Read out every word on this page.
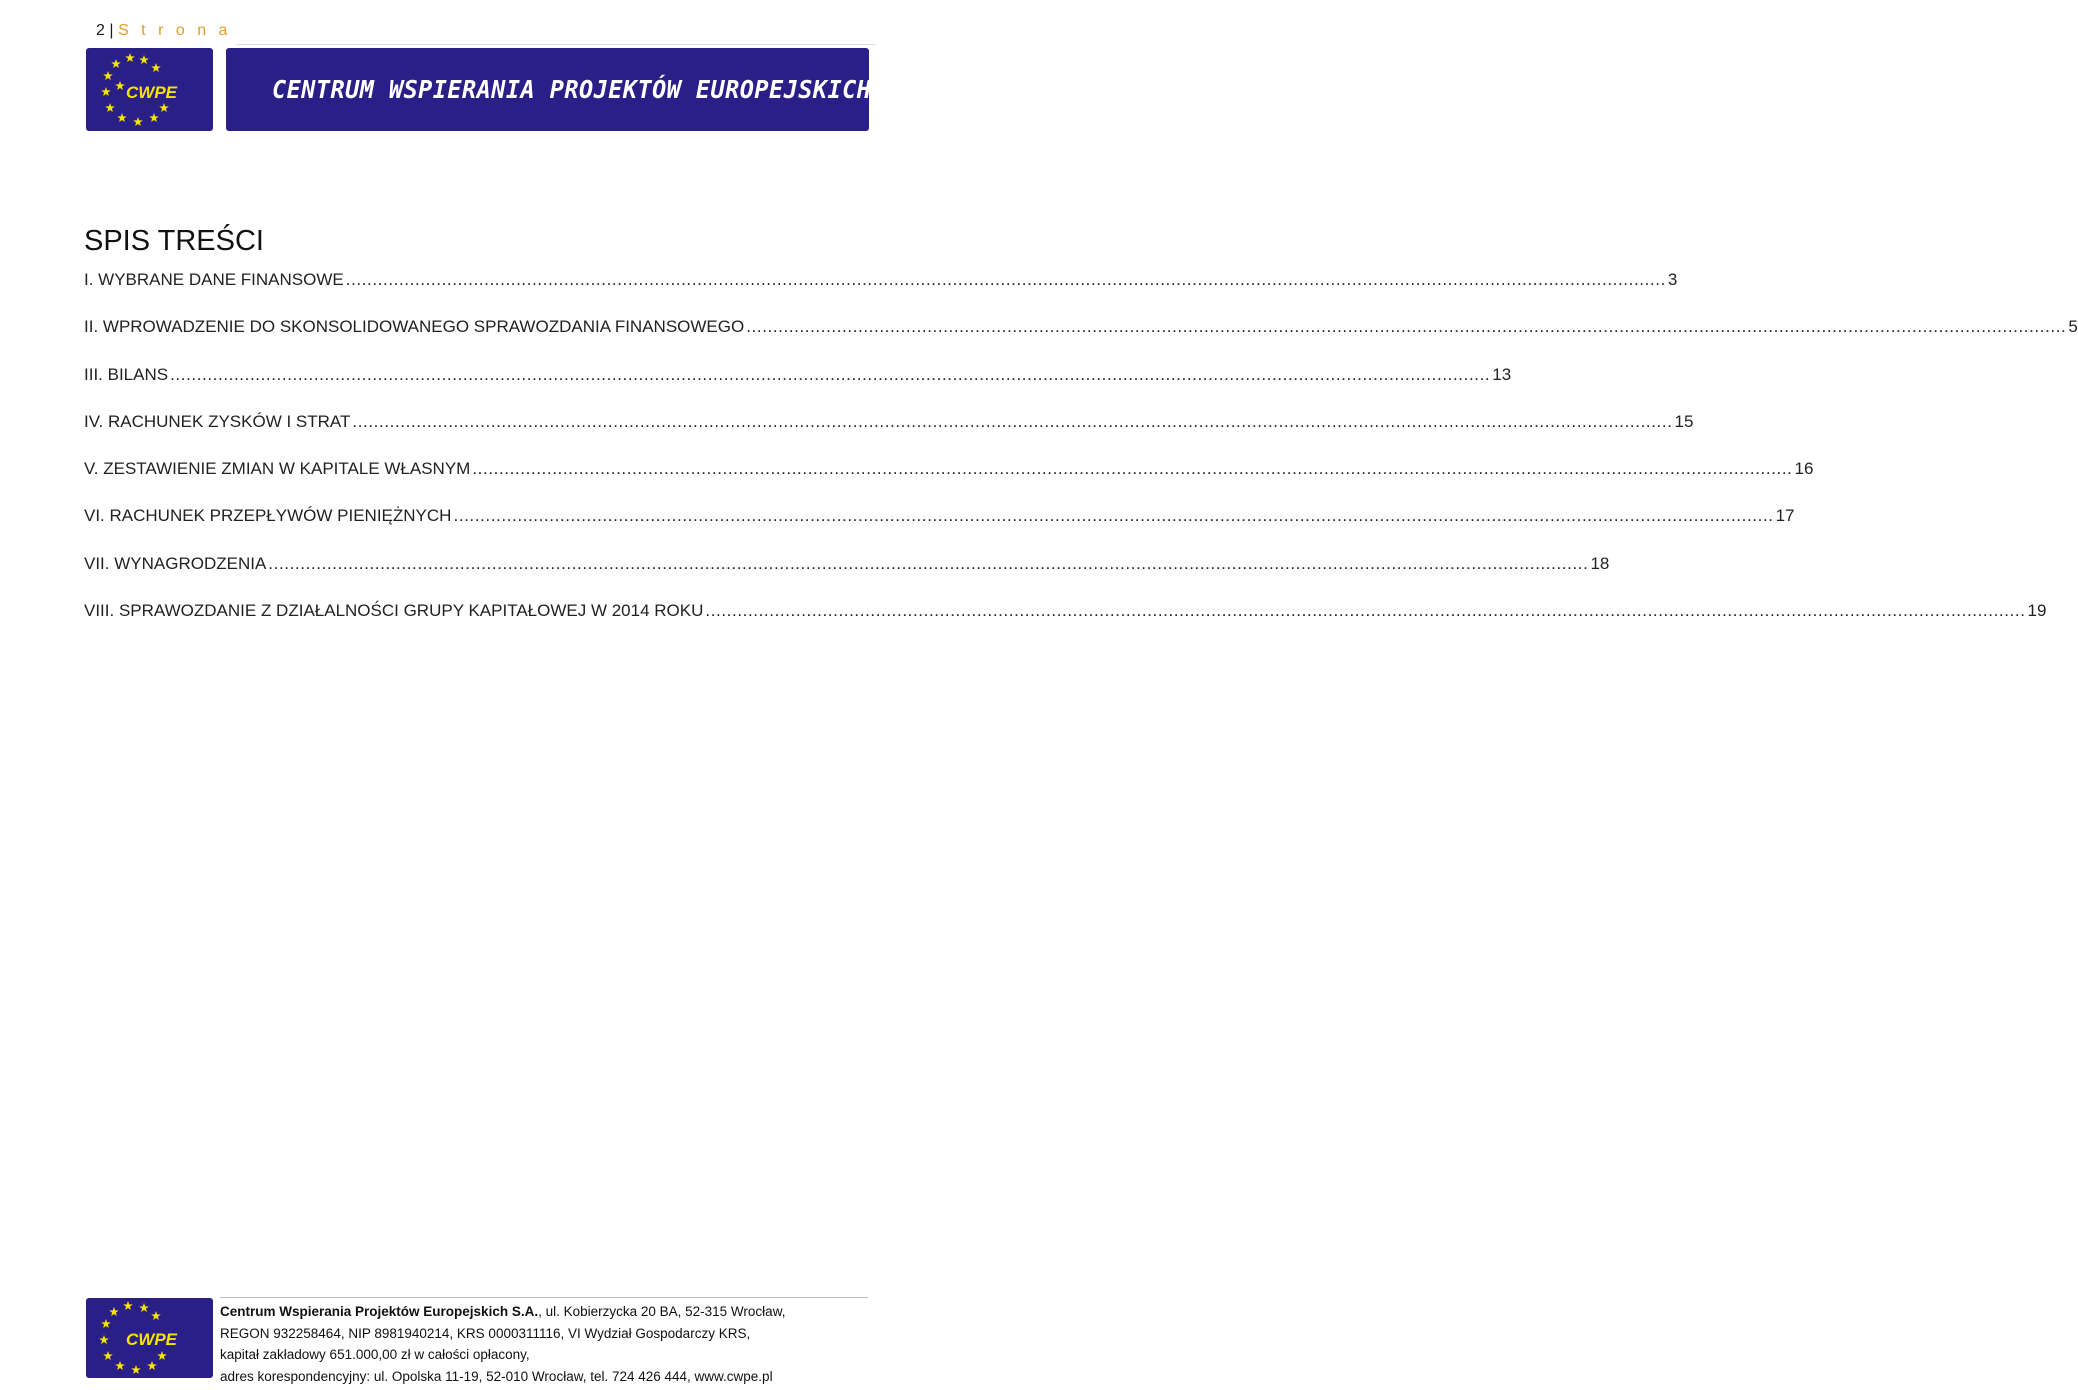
2 | S t r o n a
CWPE	CENTRUM WSPIERANIA PROJEKTÓW EUROPEJSKICH S.A.
SPIS TREŚCI
I. WYBRANE DANE FINANSOWE .....	3
II. WPROWADZENIE DO SKONSOLIDOWANEGO SPRAWOZDANIA FINANSOWEGO .....	5
III. BILANS .....	13
IV. RACHUNEK ZYSKÓW I STRAT .....	15
V. ZESTAWIENIE ZMIAN W KAPITALE WŁASNYM .....	16
VI. RACHUNEK PRZEPŁYWÓW PIENIĘŻNYCH .....	17
VII. WYNAGRODZENIA .....	18
VIII. SPRAWOZDANIE Z DZIAŁALNOŚCI GRUPY KAPITAŁOWEJ W 2014 ROKU .....	19
CWPE
Centrum Wspierania Projektów Europejskich S.A., ul. Kobierzycka 20 BA, 52-315 Wrocław,
REGON 932258464, NIP 8981940214, KRS 0000311116, VI Wydział Gospodarczy KRS,
kapitał zakładowy 651.000,00 zł w całości opłacony,
adres korespondencyjny: ul. Opolska 11-19, 52-010 Wrocław, tel. 724 426 444, www.cwpe.pl
